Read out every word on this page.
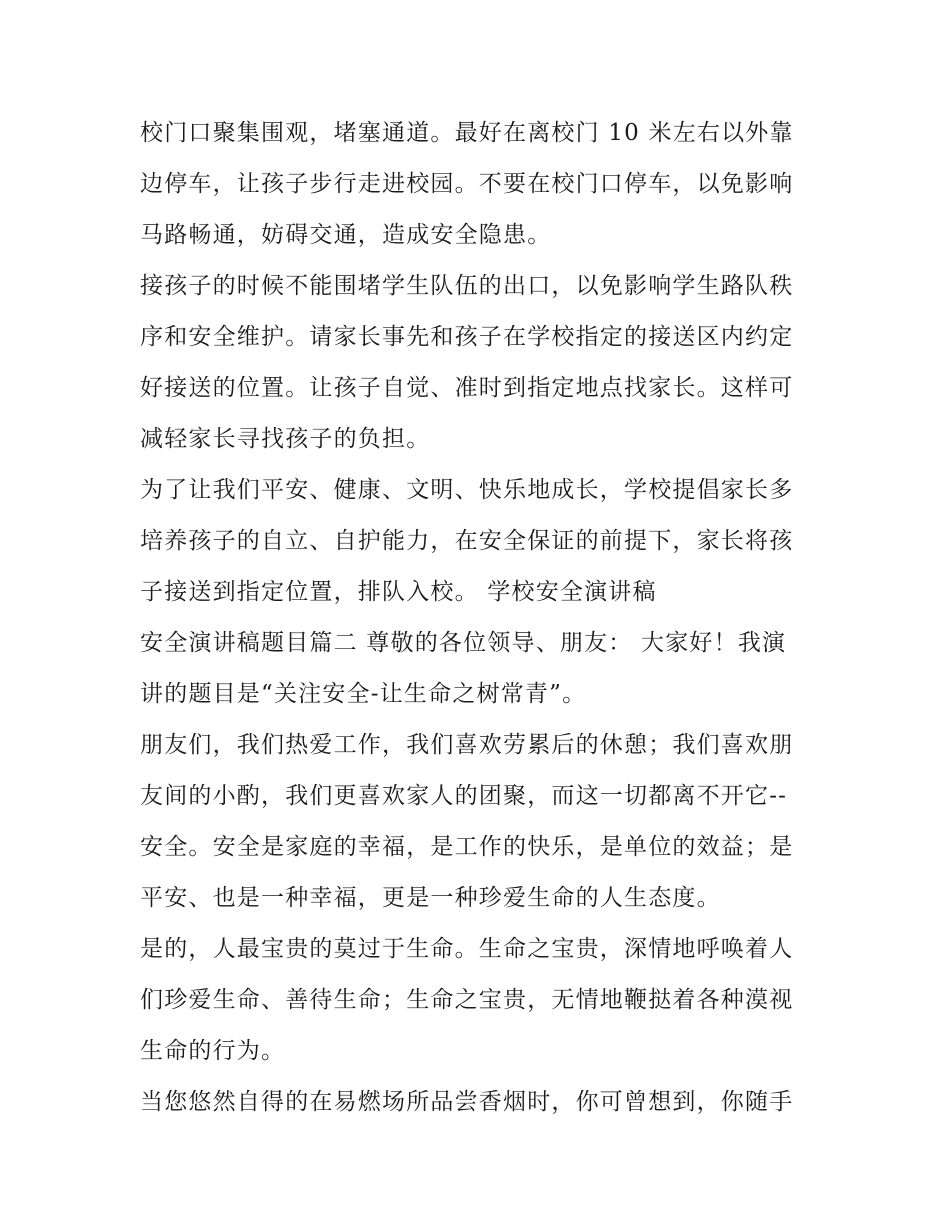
校门口聚集围观，堵塞通道。最好在离校门 10 米左右以外靠
边停车，让孩子步行走进校园。不要在校门口停车，以免影响
马路畅通，妨碍交通，造成安全隐患。

接孩子的时候不能围堵学生队伍的出口，以免影响学生路队秩
序和安全维护。请家长事先和孩子在学校指定的接送区内约定
好接送的位置。让孩子自觉、准时到指定地点找家长。这样可
减轻家长寻找孩子的负担。

为了让我们平安、健康、文明、快乐地成长，学校提倡家长多
培养孩子的自立、自护能力，在安全保证的前提下，家长将孩
子接送到指定位置，排队入校。 学校安全演讲稿

安全演讲稿题目篇二 尊敬的各位领导、朋友： 大家好！我演
讲的题目是“关注安全-让生命之树常青”。

朋友们，我们热爱工作，我们喜欢劳累后的休憩；我们喜欢朋
友间的小酌，我们更喜欢家人的团聚，而这一切都离不开它--
安全。安全是家庭的幸福，是工作的快乐，是单位的效益；是
平安、也是一种幸福，更是一种珍爱生命的人生态度。

是的，人最宝贵的莫过于生命。生命之宝贵，深情地呼唤着人
们珍爱生命、善待生命；生命之宝贵，无情地鞭挞着各种漠视
生命的行为。

当您悠然自得的在易燃场所品尝香烟时，你可曾想到，你随手
